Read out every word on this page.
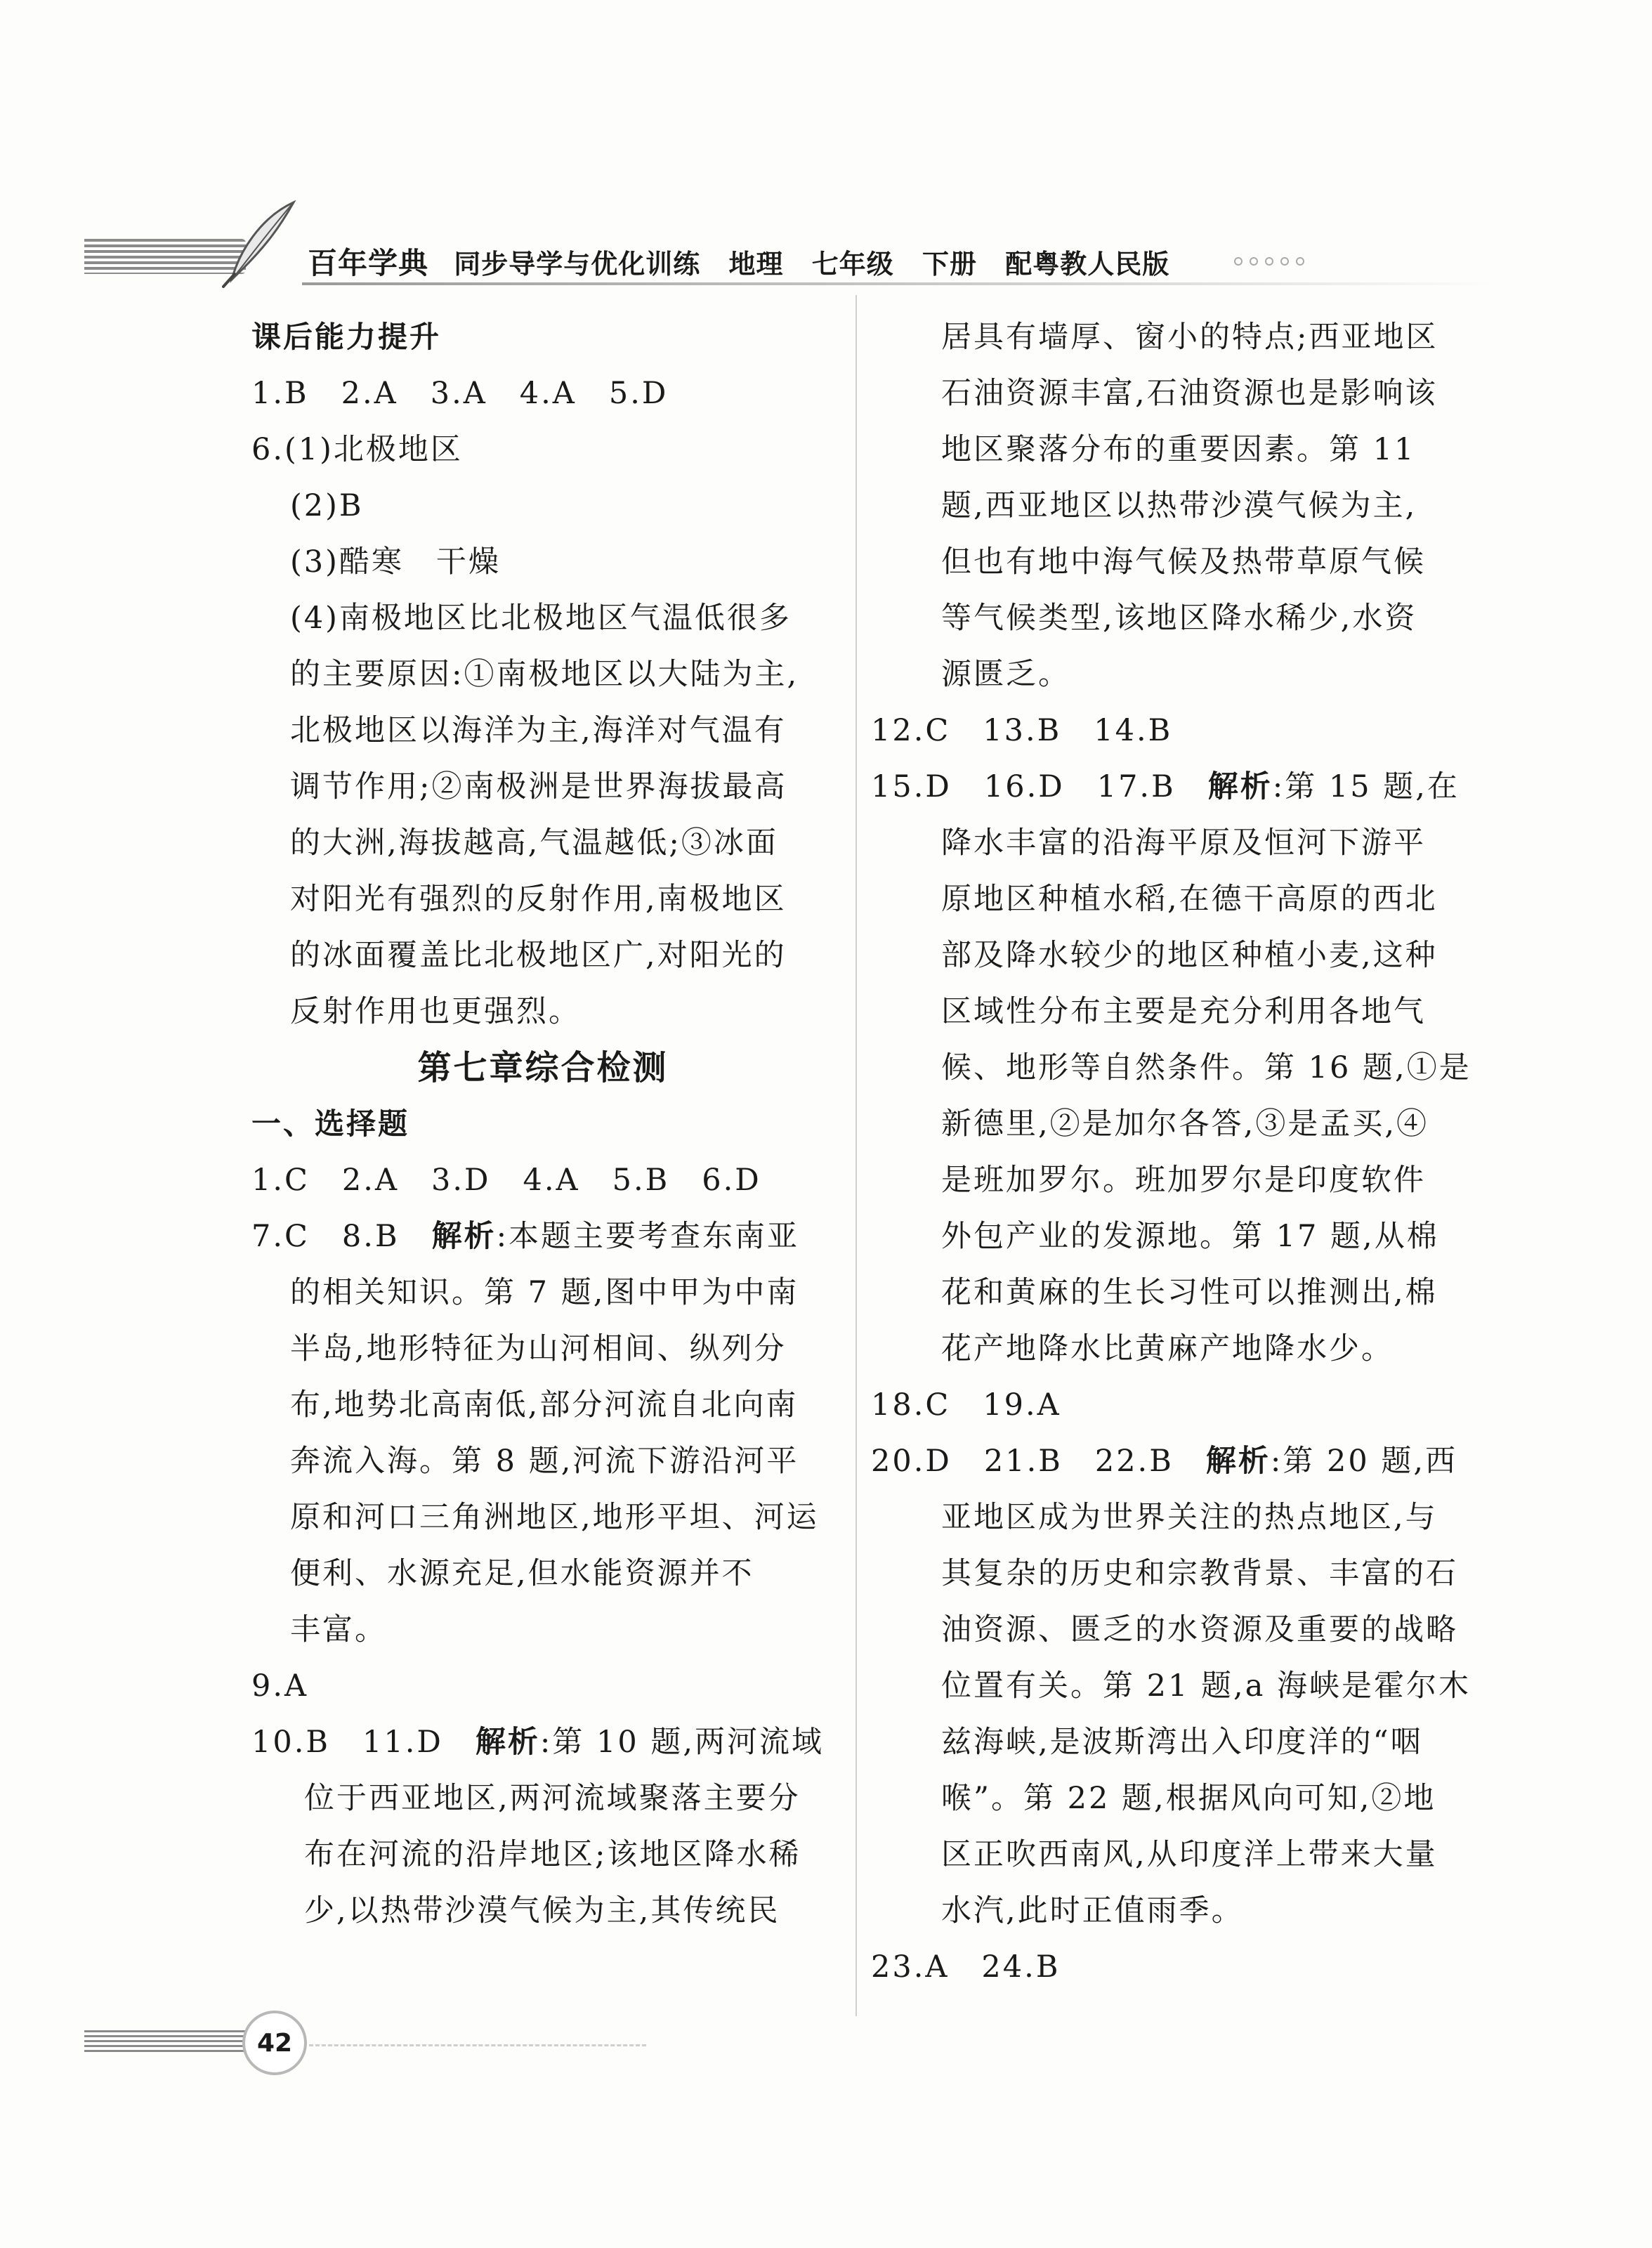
百年学典 同步导学与优化训练 地理 七年级 下册 配粤教人民版
课后能力提升
1.B　2.A　3.A　4.A　5.D
6.(1)北极地区
(2)B
(3)酷寒　干燥
(4)南极地区比北极地区气温低很多
的主要原因:①南极地区以大陆为主,
北极地区以海洋为主,海洋对气温有
调节作用;②南极洲是世界海拔最高
的大洲,海拔越高,气温越低;③冰面
对阳光有强烈的反射作用,南极地区
的冰面覆盖比北极地区广,对阳光的
反射作用也更强烈。
第七章综合检测
一、选择题
1.C　2.A　3.D　4.A　5.B　6.D
7.C　8.B　解析:本题主要考查东南亚
的相关知识。第 7 题,图中甲为中南
半岛,地形特征为山河相间、纵列分
布,地势北高南低,部分河流自北向南
奔流入海。第 8 题,河流下游沿河平
原和河口三角洲地区,地形平坦、河运
便利、水源充足,但水能资源并不
丰富。
9.A
10.B　11.D　解析:第 10 题,两河流域
位于西亚地区,两河流域聚落主要分
布在河流的沿岸地区;该地区降水稀
少,以热带沙漠气候为主,其传统民
居具有墙厚、窗小的特点;西亚地区
石油资源丰富,石油资源也是影响该
地区聚落分布的重要因素。第 11
题,西亚地区以热带沙漠气候为主,
但也有地中海气候及热带草原气候
等气候类型,该地区降水稀少,水资
源匮乏。
12.C　13.B　14.B
15.D　16.D　17.B　解析:第 15 题,在
降水丰富的沿海平原及恒河下游平
原地区种植水稻,在德干高原的西北
部及降水较少的地区种植小麦,这种
区域性分布主要是充分利用各地气
候、地形等自然条件。第 16 题,①是
新德里,②是加尔各答,③是孟买,④
是班加罗尔。班加罗尔是印度软件
外包产业的发源地。第 17 题,从棉
花和黄麻的生长习性可以推测出,棉
花产地降水比黄麻产地降水少。
18.C　19.A
20.D　21.B　22.B　解析:第 20 题,西
亚地区成为世界关注的热点地区,与
其复杂的历史和宗教背景、丰富的石
油资源、匮乏的水资源及重要的战略
位置有关。第 21 题,a 海峡是霍尔木
兹海峡,是波斯湾出入印度洋的“咽
喉”。第 22 题,根据风向可知,②地
区正吹西南风,从印度洋上带来大量
水汽,此时正值雨季。
23.A　24.B
42
